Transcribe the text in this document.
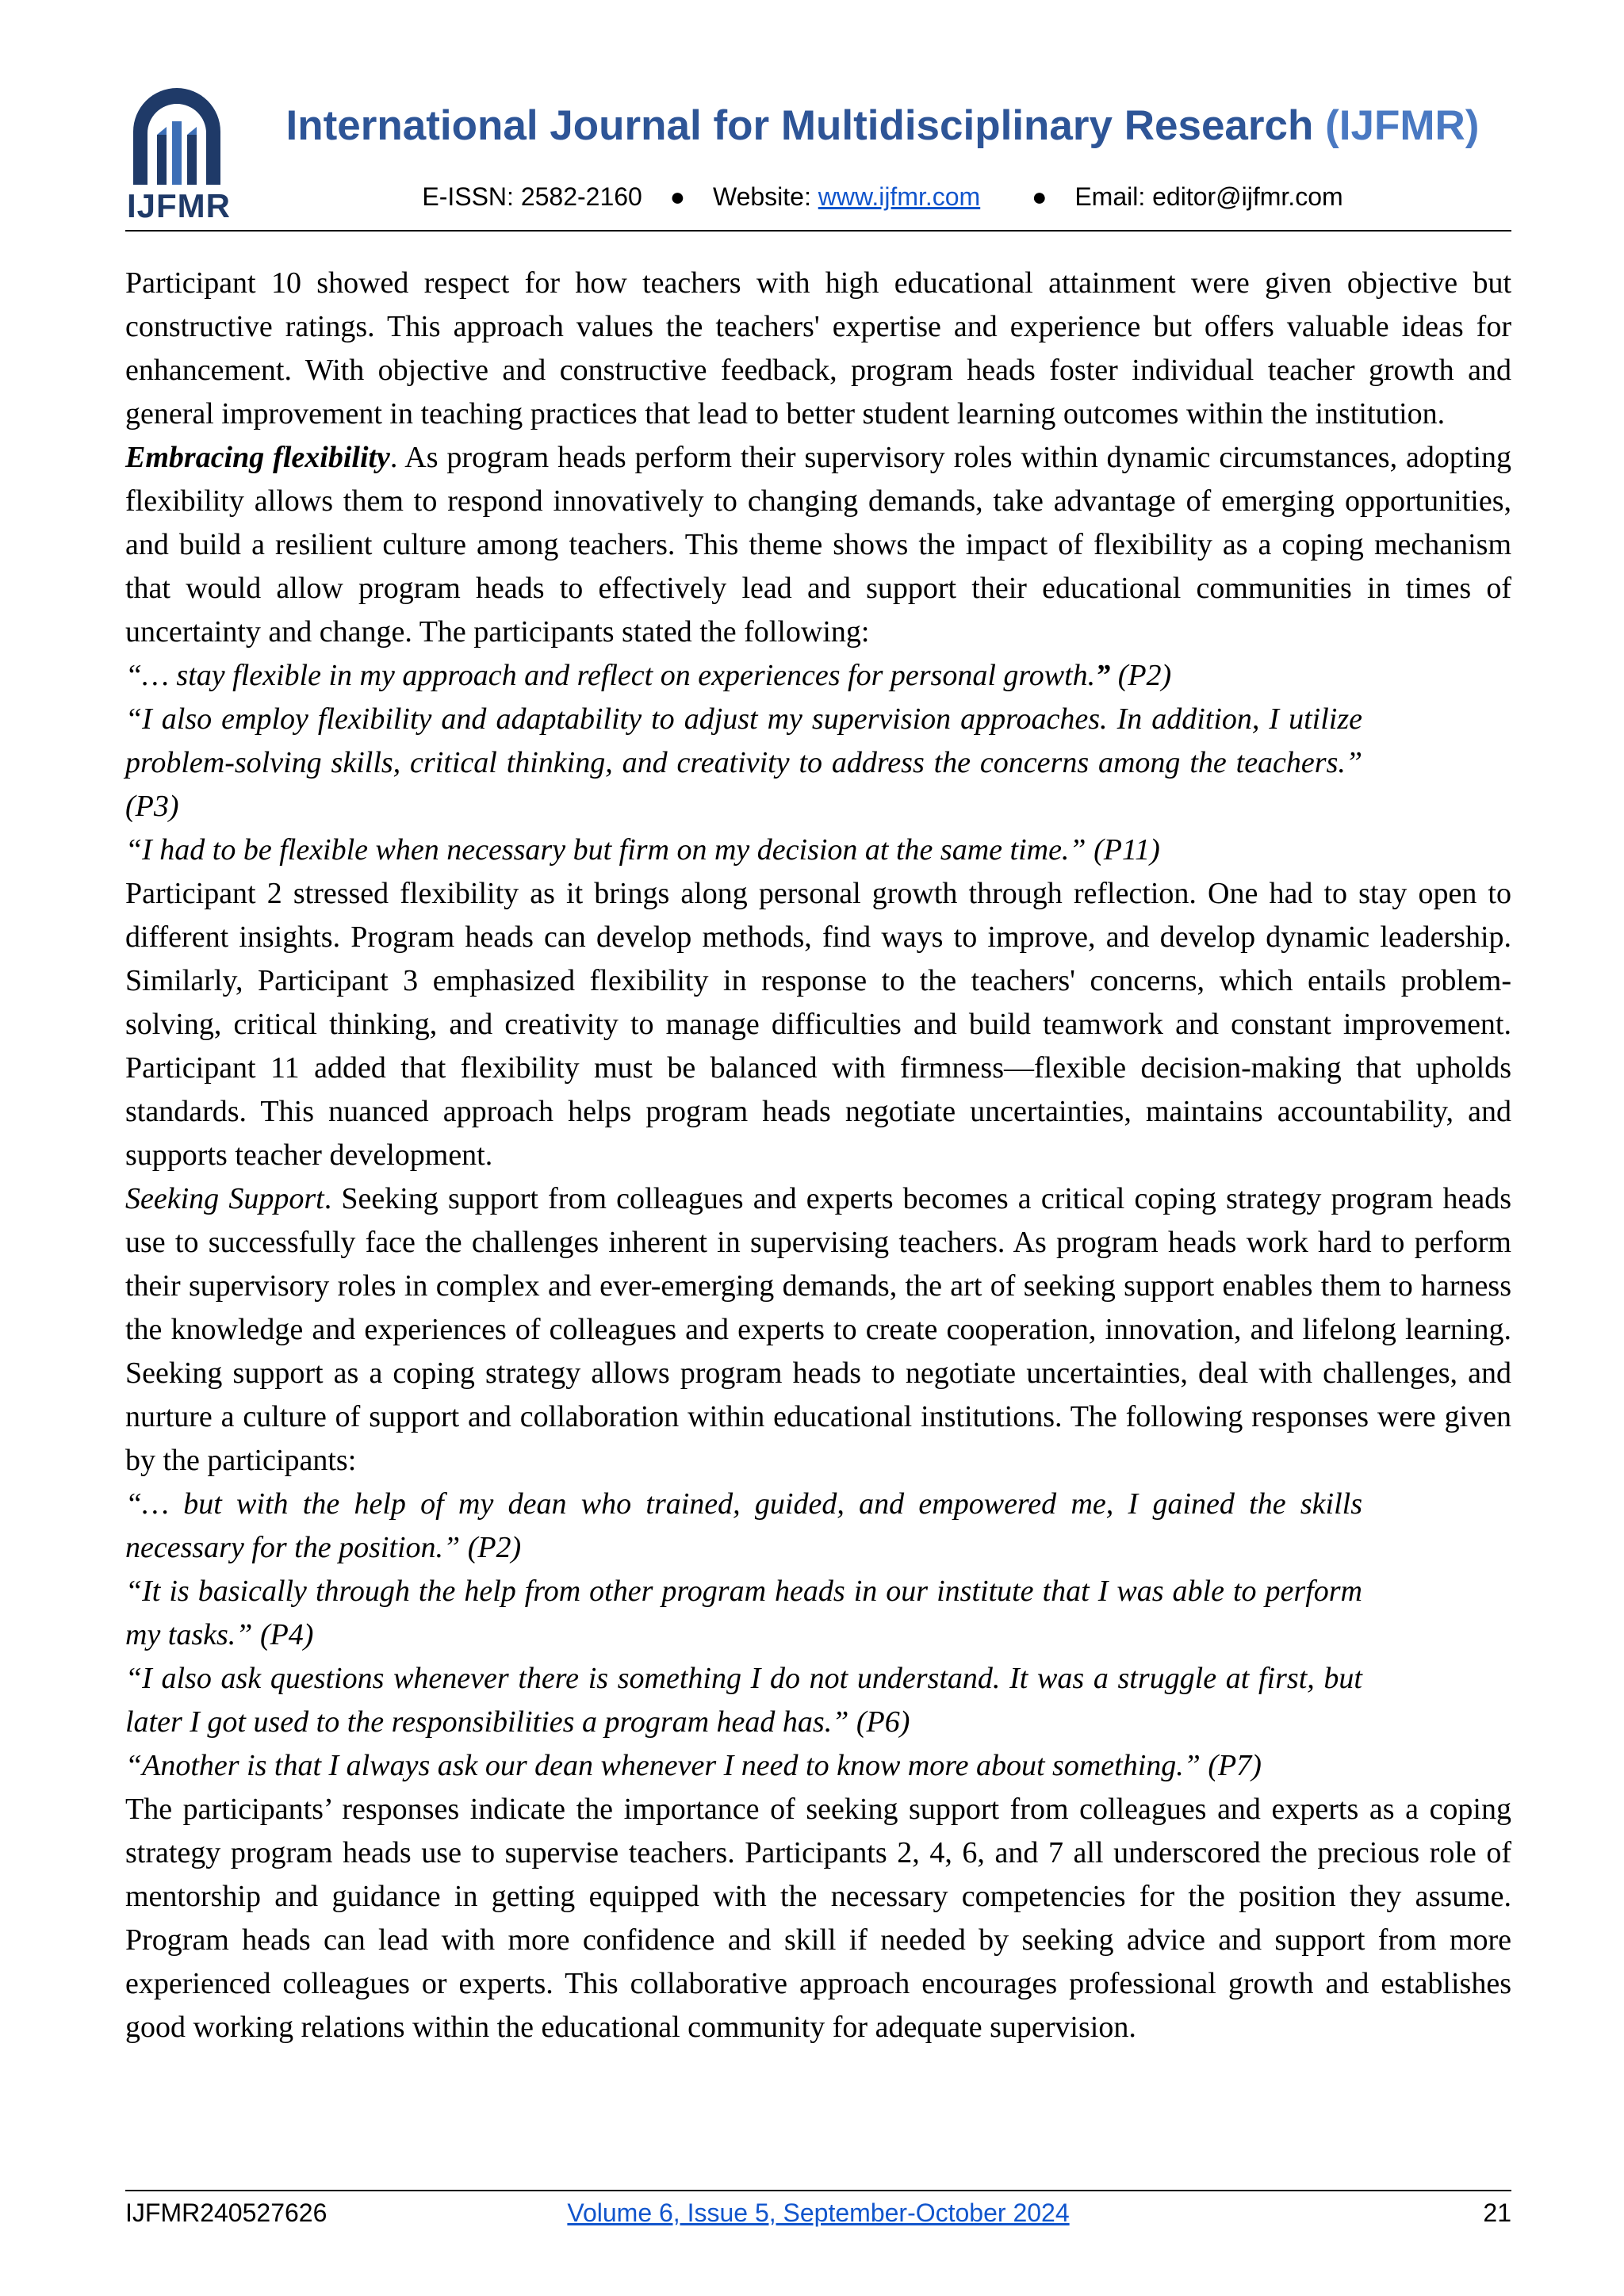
IJFMR
International Journal for Multidisciplinary Research (IJFMR)
E-ISSN: 2582-2160 ● Website: www.ijfmr.com ● Email: editor@ijfmr.com

Participant 10 showed respect for how teachers with high educational attainment were given objective but constructive ratings. This approach values the teachers' expertise and experience but offers valuable ideas for enhancement. With objective and constructive feedback, program heads foster individual teacher growth and general improvement in teaching practices that lead to better student learning outcomes within the institution.

Embracing flexibility. As program heads perform their supervisory roles within dynamic circumstances, adopting flexibility allows them to respond innovatively to changing demands, take advantage of emerging opportunities, and build a resilient culture among teachers. This theme shows the impact of flexibility as a coping mechanism that would allow program heads to effectively lead and support their educational communities in times of uncertainty and change. The participants stated the following:

“… stay flexible in my approach and reflect on experiences for personal growth.” (P2)

“I also employ flexibility and adaptability to adjust my supervision approaches. In addition, I utilize problem-solving skills, critical thinking, and creativity to address the concerns among the teachers.” (P3)

“I had to be flexible when necessary but firm on my decision at the same time.” (P11)

Participant 2 stressed flexibility as it brings along personal growth through reflection. One had to stay open to different insights. Program heads can develop methods, find ways to improve, and develop dynamic leadership. Similarly, Participant 3 emphasized flexibility in response to the teachers' concerns, which entails problem-solving, critical thinking, and creativity to manage difficulties and build teamwork and constant improvement. Participant 11 added that flexibility must be balanced with firmness—flexible decision-making that upholds standards. This nuanced approach helps program heads negotiate uncertainties, maintains accountability, and supports teacher development.

Seeking Support. Seeking support from colleagues and experts becomes a critical coping strategy program heads use to successfully face the challenges inherent in supervising teachers. As program heads work hard to perform their supervisory roles in complex and ever-emerging demands, the art of seeking support enables them to harness the knowledge and experiences of colleagues and experts to create cooperation, innovation, and lifelong learning. Seeking support as a coping strategy allows program heads to negotiate uncertainties, deal with challenges, and nurture a culture of support and collaboration within educational institutions. The following responses were given by the participants:

“… but with the help of my dean who trained, guided, and empowered me, I gained the skills necessary for the position.” (P2)

“It is basically through the help from other program heads in our institute that I was able to perform my tasks.” (P4)

“I also ask questions whenever there is something I do not understand. It was a struggle at first, but later I got used to the responsibilities a program head has.” (P6)

“Another is that I always ask our dean whenever I need to know more about something.” (P7)

The participants’ responses indicate the importance of seeking support from colleagues and experts as a coping strategy program heads use to supervise teachers. Participants 2, 4, 6, and 7 all underscored the precious role of mentorship and guidance in getting equipped with the necessary competencies for the position they assume. Program heads can lead with more confidence and skill if needed by seeking advice and support from more experienced colleagues or experts. This collaborative approach encourages professional growth and establishes good working relations within the educational community for adequate supervision.

IJFMR240527626	Volume 6, Issue 5, September-October 2024	21
